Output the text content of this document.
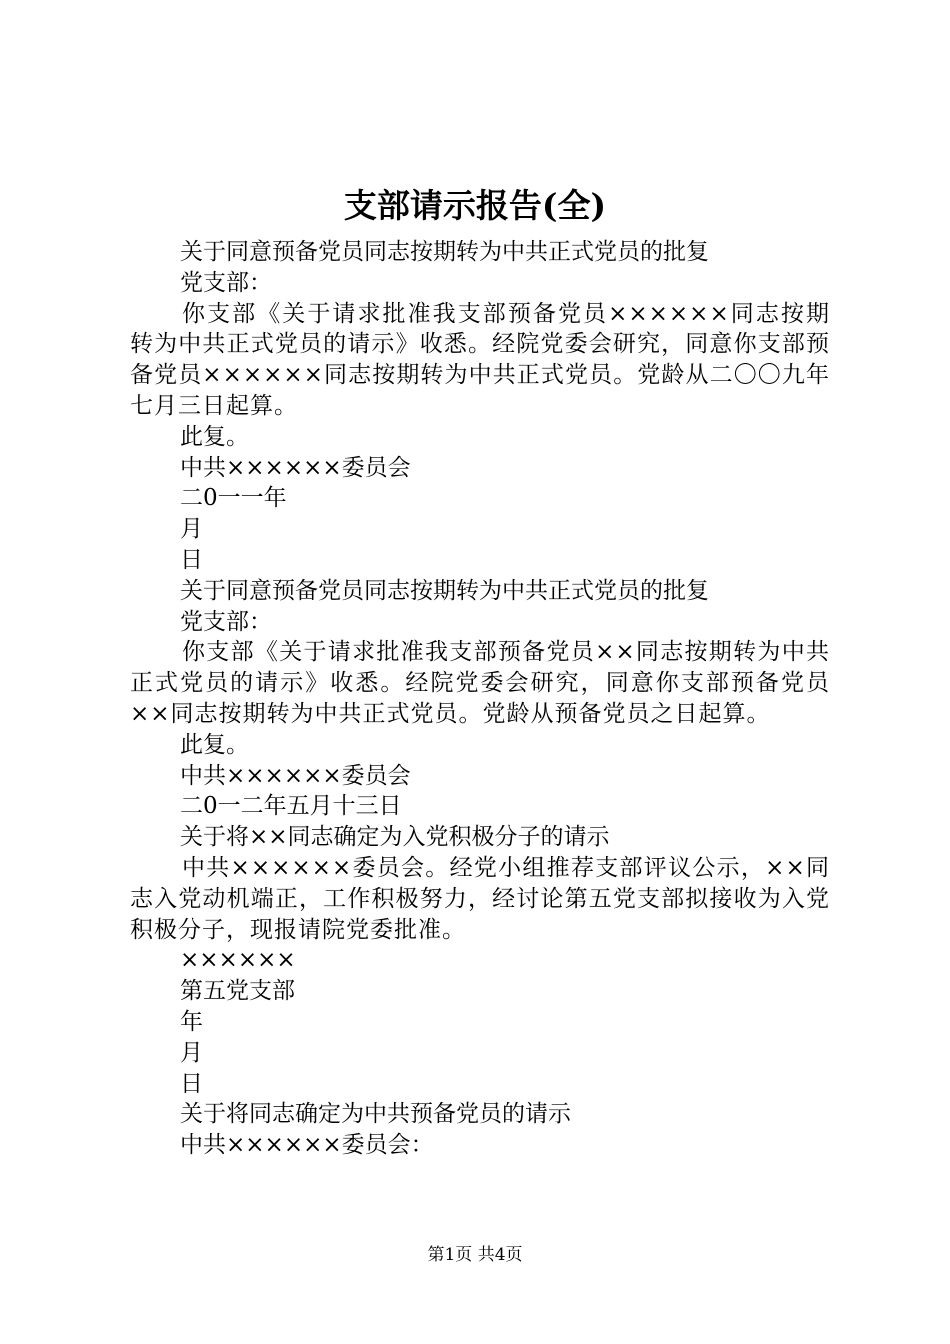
支部请示报告(全)

关于同意预备党员同志按期转为中共正式党员的批复

党支部：

你支部《关于请求批准我支部预备党员××××××同志按期转为中共正式党员的请示》收悉。经院党委会研究，同意你支部预备党员××××××同志按期转为中共正式党员。党龄从二〇〇九年七月三日起算。

此复。

中共××××××委员会

二0一一年

月

日

关于同意预备党员同志按期转为中共正式党员的批复

党支部：

你支部《关于请求批准我支部预备党员××同志按期转为中共正式党员的请示》收悉。经院党委会研究，同意你支部预备党员××同志按期转为中共正式党员。党龄从预备党员之日起算。

此复。

中共××××××委员会

二0一二年五月十三日

关于将××同志确定为入党积极分子的请示

中共××××××委员会。经党小组推荐支部评议公示，××同志入党动机端正，工作积极努力，经讨论第五党支部拟接收为入党积极分子，现报请院党委批准。

××××××

第五党支部

年

月

日

关于将同志确定为中共预备党员的请示

中共××××××委员会：

第1页 共4页
